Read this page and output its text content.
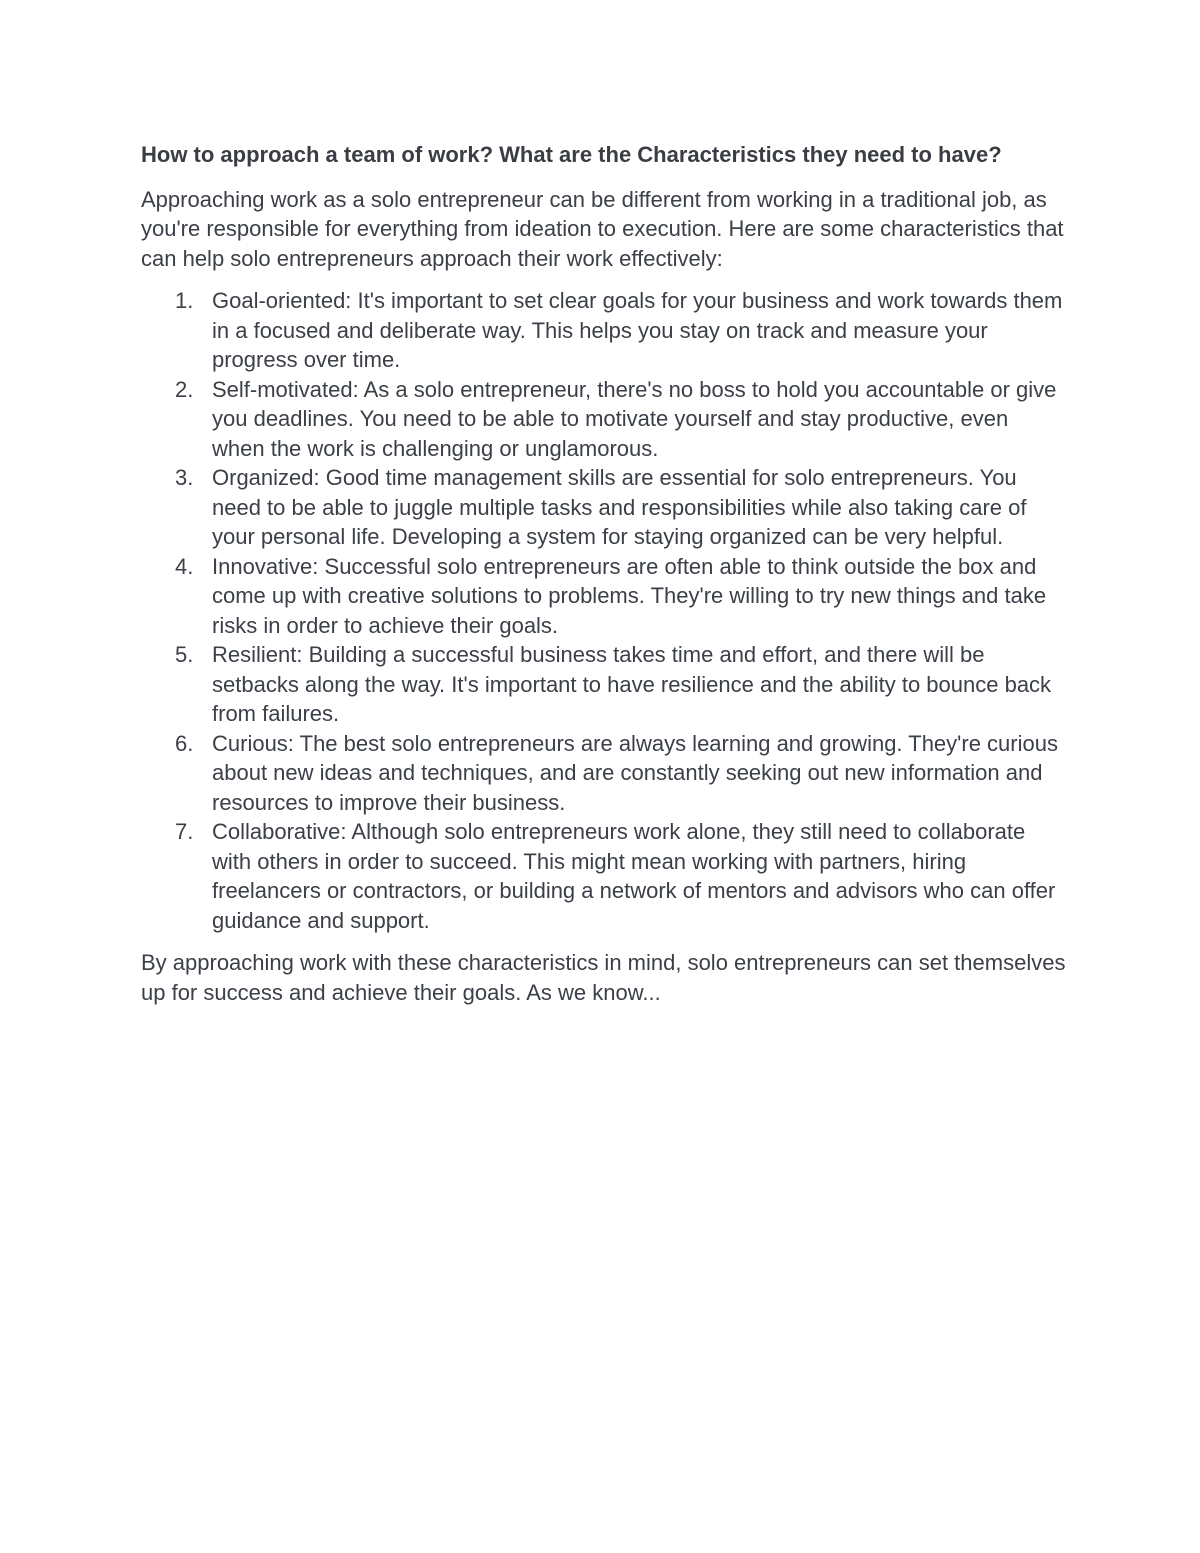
How to approach a team of work? What are the Characteristics they need to have?

Approaching work as a solo entrepreneur can be different from working in a traditional job, as you're responsible for everything from ideation to execution. Here are some characteristics that can help solo entrepreneurs approach their work effectively:

1. Goal-oriented: It's important to set clear goals for your business and work towards them in a focused and deliberate way. This helps you stay on track and measure your progress over time.
2. Self-motivated: As a solo entrepreneur, there's no boss to hold you accountable or give you deadlines. You need to be able to motivate yourself and stay productive, even when the work is challenging or unglamorous.
3. Organized: Good time management skills are essential for solo entrepreneurs. You need to be able to juggle multiple tasks and responsibilities while also taking care of your personal life. Developing a system for staying organized can be very helpful.
4. Innovative: Successful solo entrepreneurs are often able to think outside the box and come up with creative solutions to problems. They're willing to try new things and take risks in order to achieve their goals.
5. Resilient: Building a successful business takes time and effort, and there will be setbacks along the way. It's important to have resilience and the ability to bounce back from failures.
6. Curious: The best solo entrepreneurs are always learning and growing. They're curious about new ideas and techniques, and are constantly seeking out new information and resources to improve their business.
7. Collaborative: Although solo entrepreneurs work alone, they still need to collaborate with others in order to succeed. This might mean working with partners, hiring freelancers or contractors, or building a network of mentors and advisors who can offer guidance and support.

By approaching work with these characteristics in mind, solo entrepreneurs can set themselves up for success and achieve their goals. As we know...
